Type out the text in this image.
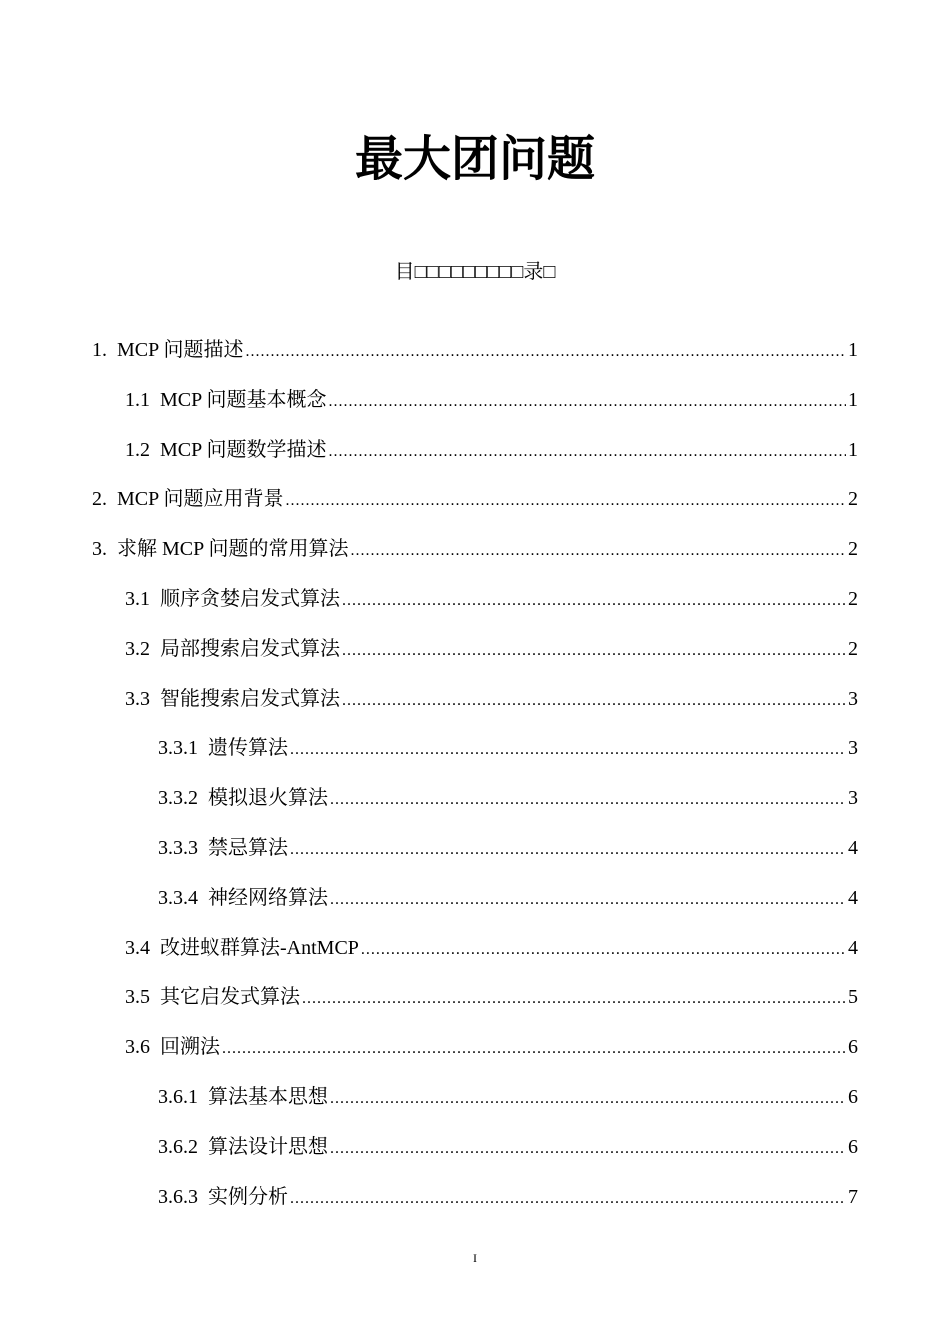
最大团问题
目□□□□□□□□□录□
1. MCP 问题描述 .....	1
1.1 MCP 问题基本概念 .....	1
1.2 MCP 问题数学描述 .....	1
2. MCP 问题应用背景 .....	2
3. 求解 MCP 问题的常用算法 .....	2
3.1 顺序贪婪启发式算法 .....	2
3.2 局部搜索启发式算法 .....	2
3.3 智能搜索启发式算法 .....	3
3.3.1 遗传算法 .....	3
3.3.2 模拟退火算法 .....	3
3.3.3 禁忌算法 .....	4
3.3.4 神经网络算法 .....	4
3.4 改进蚁群算法-AntMCP .....	4
3.5 其它启发式算法 .....	5
3.6 回溯法 .....	6
3.6.1 算法基本思想 .....	6
3.6.2 算法设计思想 .....	6
3.6.3 实例分析 .....	7
I
